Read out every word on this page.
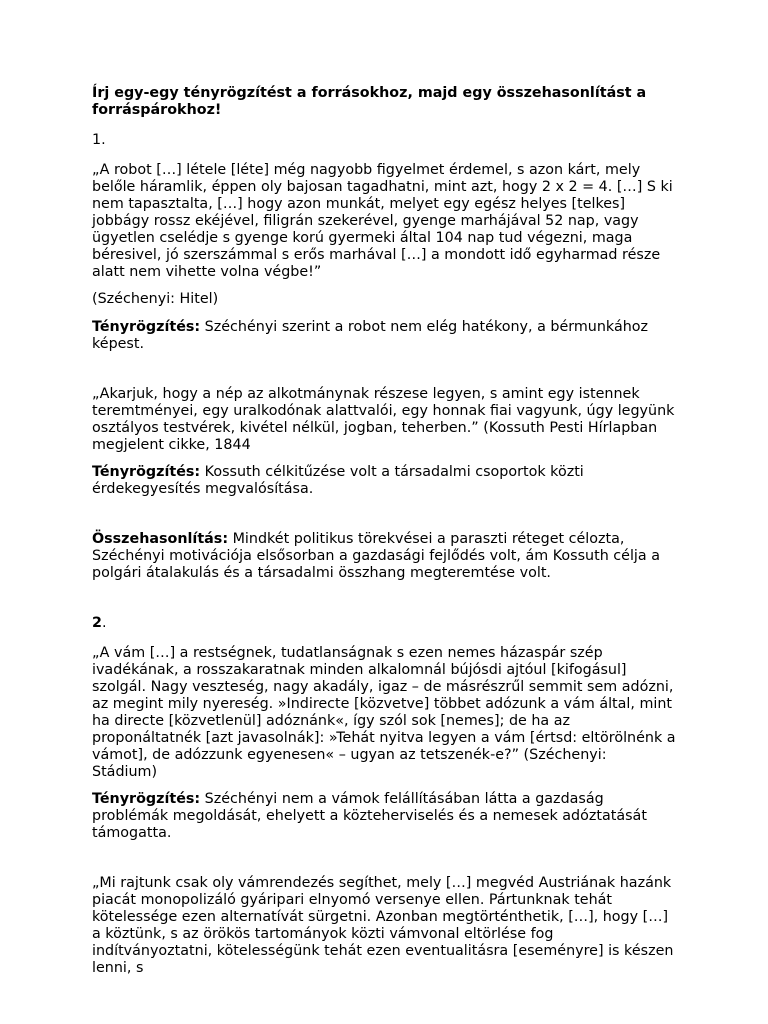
Írj egy-egy tényrögzítést a forrásokhoz, majd egy összehasonlítást a forráspárokhoz!

1.

„A robot […] létele [léte] még nagyobb figyelmet érdemel, s azon kárt, mely belőle háramlik, éppen oly bajosan tagadhatni, mint azt, hogy 2 x 2 = 4. […] S ki nem tapasztalta, […] hogy azon munkát, melyet egy egész helyes [telkes] jobbágy rossz ekéjével, filigrán szekerével, gyenge marhájával 52 nap, vagy ügyetlen cselédje s gyenge korú gyermeki által 104 nap tud végezni, maga béresivel, jó szerszámmal s erős marhával […] a mondott idő egyharmad része alatt nem vihette volna végbe!”

(Széchenyi: Hitel)

Tényrögzítés: Széchényi szerint a robot nem elég hatékony, a bérmunkához képest.

„Akarjuk, hogy a nép az alkotmánynak részese legyen, s amint egy istennek teremtményei, egy uralkodónak alattvalói, egy honnak fiai vagyunk, úgy legyünk osztályos testvérek, kivétel nélkül, jogban, teherben.” (Kossuth Pesti Hírlapban megjelent cikke, 1844

Tényrögzítés: Kossuth célkitűzése volt a társadalmi csoportok közti érdekegyesítés megvalósítása.

Összehasonlítás: Mindkét politikus törekvései a paraszti réteget célozta, Széchényi motivációja elsősorban a gazdasági fejlődés volt, ám Kossuth célja a polgári átalakulás és a társadalmi összhang megteremtése volt.

2.

„A vám […] a restségnek, tudatlanságnak s ezen nemes házaspár szép ivadékának, a rosszakaratnak minden alkalomnál bújósdi ajtóul [kifogásul] szolgál. Nagy veszteség, nagy akadály, igaz – de másrészrűl semmit sem adózni, az megint mily nyereség. »Indirecte [közvetve] többet adózunk a vám által, mint ha directe [közvetlenül] adóznánk«, így szól sok [nemes]; de ha az proponáltatnék [azt javasolnák]: »Tehát nyitva legyen a vám [értsd: eltörölnénk a vámot], de adózzunk egyenesen« – ugyan az tetszenék-e?” (Széchenyi: Stádium)

Tényrögzítés: Széchényi nem a vámok felállításában látta a gazdaság problémák megoldását, ehelyett a közteherviselés és a nemesek adóztatását támogatta.

„Mi rajtunk csak oly vámrendezés segíthet, mely […] megvéd Austriának hazánk piacát monopolizáló gyáripari elnyomó versenye ellen. Pártunknak tehát kötelessége ezen alternatívát sürgetni. Azonban megtörténthetik, […], hogy […] a köztünk, s az örökös tartományok közti vámvonal eltörlése fog indítványoztatni, kötelességünk tehát ezen eventualitásra [eseményre] is készen lenni, s
